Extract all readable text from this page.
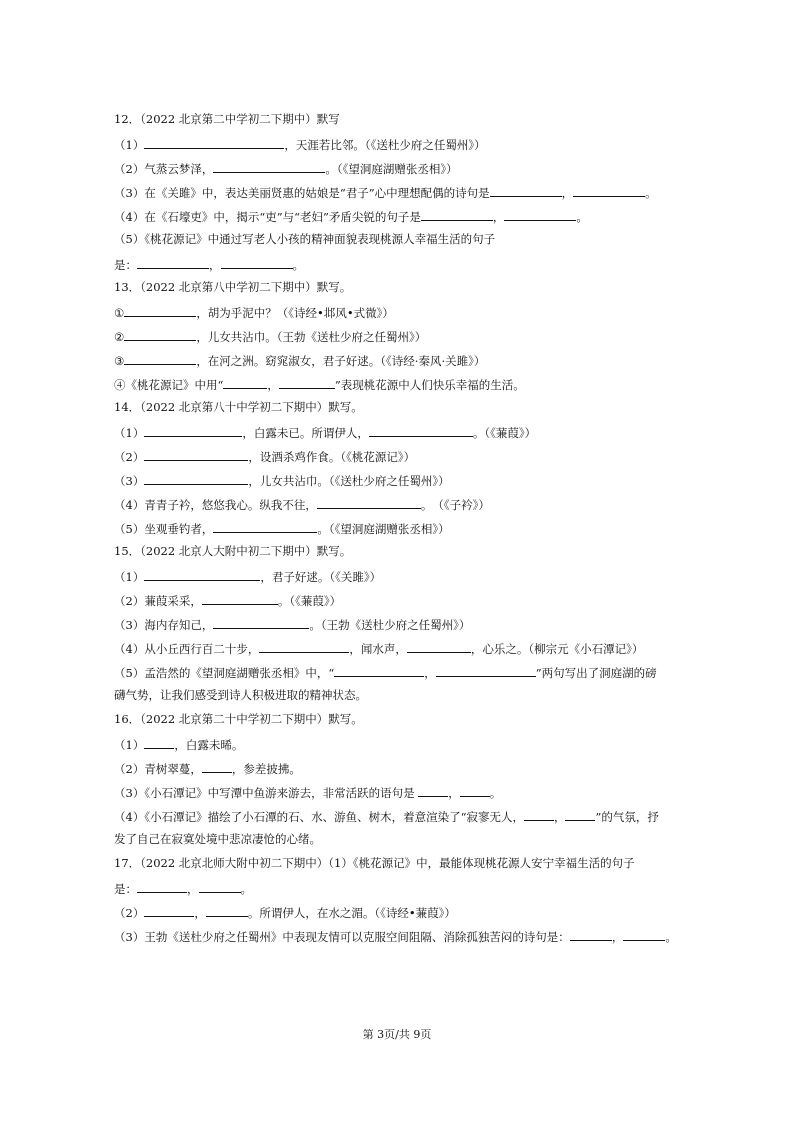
12．（2022 北京第二中学初二下期中）默写
（1）	，天涯若比邻。（《送杜少府之任蜀州》）
（2）气蒸云梦泽，	。（《望洞庭湖赠张丞相》）
（3）在《关雎》中，表达美丽贤惠的姑娘是“君子”心中理想配偶的诗句是	，	。
（4）在《石壕吏》中，揭示“吏”与“老妇”矛盾尖锐的句子是	，	。
（5）《桃花源记》中通过写老人小孩的精神面貌表现桃源人幸福生活的句子
是：	，	。
13．（2022 北京第八中学初二下期中）默写。
①	，胡为乎泥中？（《诗经•邶风•式微》）
②	，儿女共沾巾。（王勃《送杜少府之任蜀州》）
③	，在河之洲。窈窕淑女，君子好逑。（《诗经·秦风·关雎》）
④《桃花源记》中用“	，	”表现桃花源中人们快乐幸福的生活。
14．（2022 北京第八十中学初二下期中）默写。
（1）	，白露未已。所谓伊人，	。（《蒹葭》）
（2）	，设酒杀鸡作食。（《桃花源记》）
（3）	，儿女共沾巾。（《送杜少府之任蜀州》）
（4）青青子衿，悠悠我心。纵我不往，	。　（《子衿》）
（5）坐观垂钓者，	。（《望洞庭湖赠张丞相》）
15．（2022 北京人大附中初二下期中）默写。
（1）	，君子好逑。（《关雎》）
（2）蒹葭采采，	。（《蒹葭》）
（3）海内存知己，	。（王勃《送杜少府之任蜀州》）
（4）从小丘西行百二十步，	，闻水声，	，心乐之。（柳宗元《小石潭记》）
（5）孟浩然的《望洞庭湖赠张丞相》中，“	，	”两句写出了洞庭湖的磅
礴气势，让我们感受到诗人积极进取的精神状态。
16．（2022 北京第二十中学初二下期中）默写。
（1）	，白露未晞。
（2）青树翠蔓，	，参差披拂。
（3）《小石潭记》中写潭中鱼游来游去，非常活跃的语句是	，	。
（4）《小石潭记》描绘了小石潭的石、水、游鱼、树木，着意渲染了“寂寥无人，	，	”的气氛，抒
发了自己在寂寞处境中悲凉凄怆的心绪。
17．（2022 北京北师大附中初二下期中）（1）《桃花源记》中，最能体现桃花源人安宁幸福生活的句子
是：	，	。
（2）	，	。所谓伊人，在水之湄。（《诗经•蒹葭》）
（3）王勃《送杜少府之任蜀州》中表现友情可以克服空间阻隔、消除孤独苦闷的诗句是：	，	。
第 3页/共 9页
